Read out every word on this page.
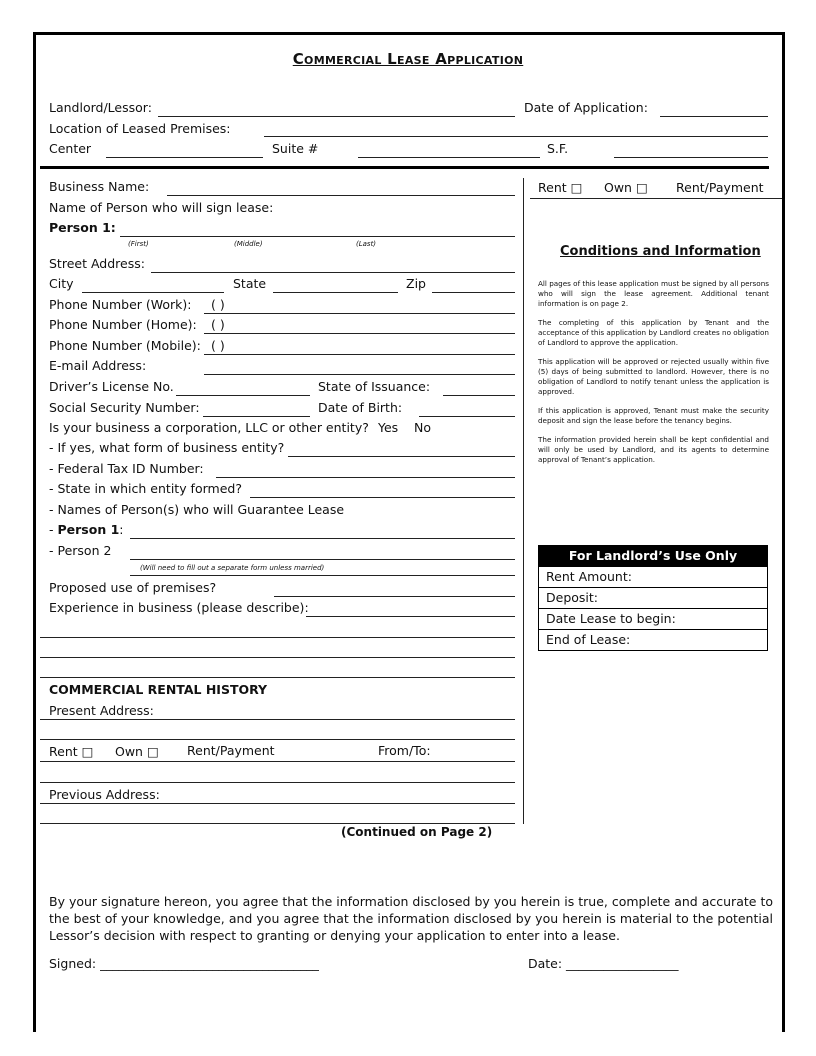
Commercial Lease Application
Landlord/Lessor:	Date of Application:
Location of Leased Premises:
Center	Suite #	S.F.
Rent □ Own □ Rent/Payment
Business Name:
Name of Person who will sign lease:
Person 1:
(First)	(Middle)	(Last)
Street Address:
City	State	Zip
Phone Number (Work): ( )
Phone Number (Home): ( )
Phone Number (Mobile): ( )
E-mail Address:
Driver’s License No.	State of Issuance:
Social Security Number:	Date of Birth:
Is your business a corporation, LLC or other entity? Yes No
- If yes, what form of business entity?
- Federal Tax ID Number:
- State in which entity formed?
- Names of Person(s) who will Guarantee Lease
- Person 1:
- Person 2
(Will need to fill out a separate form unless married)
Proposed use of premises?
Experience in business (please describe):
COMMERCIAL RENTAL HISTORY
Present Address:
Rent □ Own □ Rent/Payment	From/To:
Previous Address:
(Continued on Page 2)
Conditions and Information

All pages of this lease application must be signed by all persons who will sign the lease agreement. Additional tenant information is on page 2.

The completing of this application by Tenant and the acceptance of this application by Landlord creates no obligation of Landlord to approve the application.

This application will be approved or rejected usually within five (5) days of being submitted to landlord. However, there is no obligation of Landlord to notify tenant unless the application is approved.

If this application is approved, Tenant must make the security deposit and sign the lease before the tenancy begins.

The information provided herein shall be kept confidential and will only be used by Landlord, and its agents to determine approval of Tenant’s application.

For Landlord’s Use Only
Rent Amount:
Deposit:
Date Lease to begin:
End of Lease:
By your signature hereon, you agree that the information disclosed by you herein is true, complete and accurate to the best of your knowledge, and you agree that the information disclosed by you herein is material to the potential Lessor’s decision with respect to granting or denying your application to enter into a lease.
Signed: ___________________________________	Date: __________________
